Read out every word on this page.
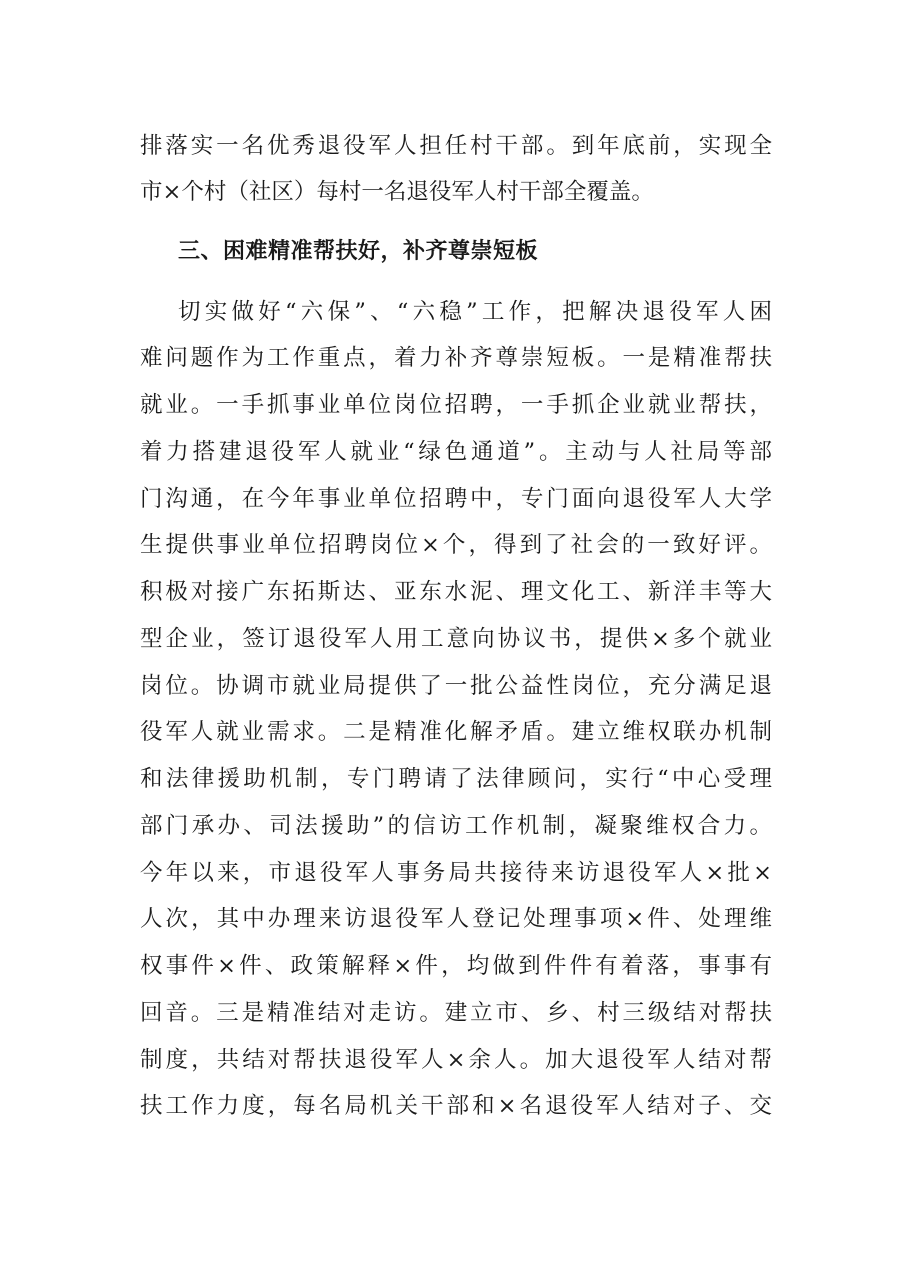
排落实一名优秀退役军人担任村干部。到年底前，实现全
市×个村（社区）每村一名退役军人村干部全覆盖。
三、困难精准帮扶好，补齐尊崇短板
切实做好“六保”、“六稳”工作，把解决退役军人困
难问题作为工作重点，着力补齐尊崇短板。一是精准帮扶
就业。一手抓事业单位岗位招聘，一手抓企业就业帮扶，
着力搭建退役军人就业“绿色通道”。主动与人社局等部
门沟通，在今年事业单位招聘中，专门面向退役军人大学
生提供事业单位招聘岗位×个，得到了社会的一致好评。
积极对接广东拓斯达、亚东水泥、理文化工、新洋丰等大
型企业，签订退役军人用工意向协议书，提供×多个就业
岗位。协调市就业局提供了一批公益性岗位，充分满足退
役军人就业需求。二是精准化解矛盾。建立维权联办机制
和法律援助机制，专门聘请了法律顾问，实行“中心受理
部门承办、司法援助”的信访工作机制，凝聚维权合力。
今年以来，市退役军人事务局共接待来访退役军人×批×
人次，其中办理来访退役军人登记处理事项×件、处理维
权事件×件、政策解释×件，均做到件件有着落，事事有
回音。三是精准结对走访。建立市、乡、村三级结对帮扶
制度，共结对帮扶退役军人×余人。加大退役军人结对帮
扶工作力度，每名局机关干部和×名退役军人结对子、交
